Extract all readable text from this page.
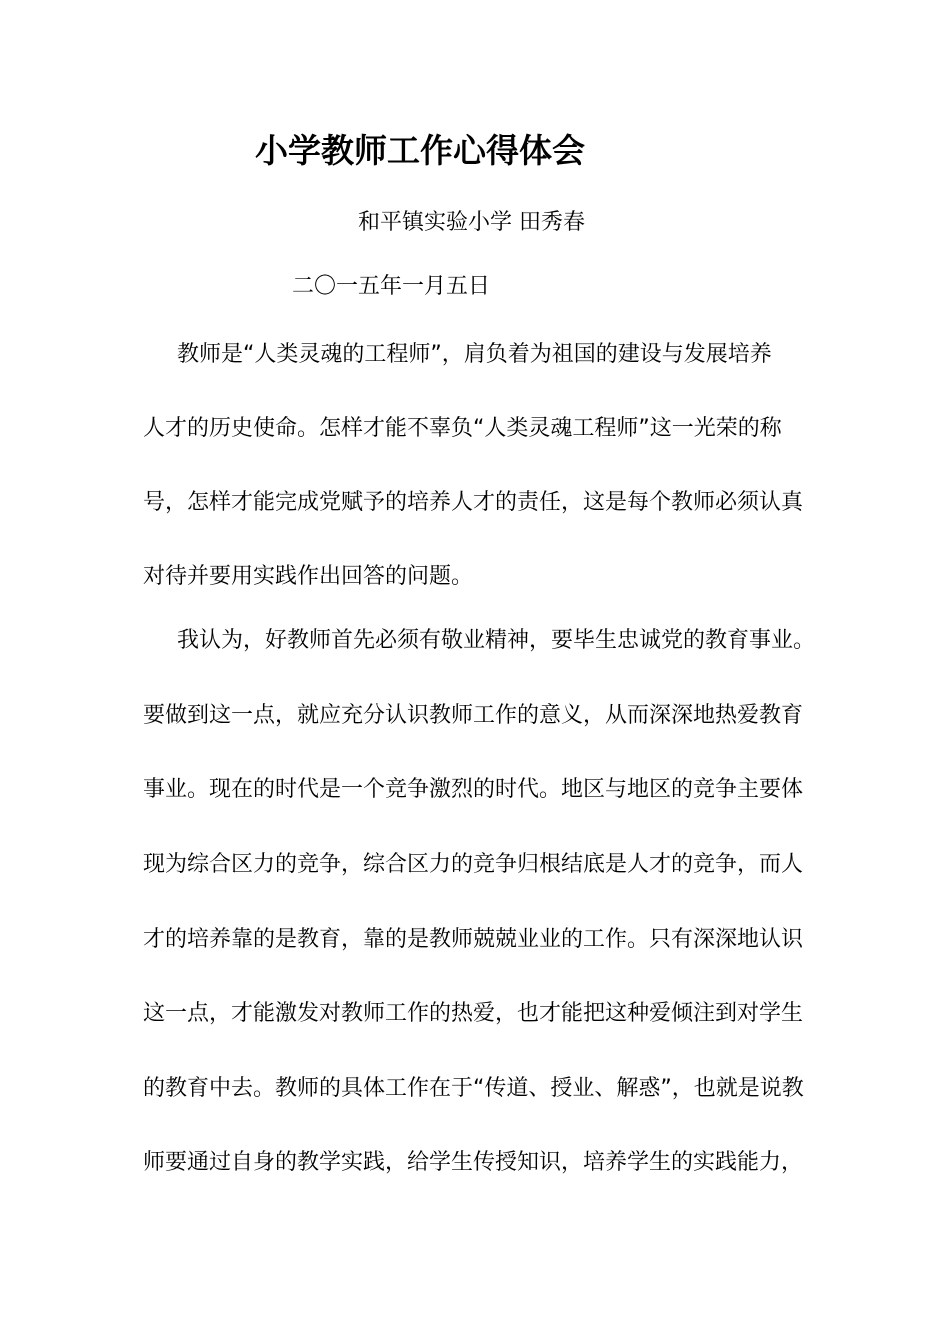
小学教师工作心得体会
和平镇实验小学 田秀春
二〇一五年一月五日
教师是“人类灵魂的工程师”，肩负着为祖国的建设与发展培养
人才的历史使命。怎样才能不辜负“人类灵魂工程师”这一光荣的称
号，怎样才能完成党赋予的培养人才的责任，这是每个教师必须认真
对待并要用实践作出回答的问题。
我认为，好教师首先必须有敬业精神，要毕生忠诚党的教育事业。
要做到这一点，就应充分认识教师工作的意义，从而深深地热爱教育
事业。现在的时代是一个竞争激烈的时代。地区与地区的竞争主要体
现为综合区力的竞争，综合区力的竞争归根结底是人才的竞争，而人
才的培养靠的是教育，靠的是教师兢兢业业的工作。只有深深地认识
这一点，才能激发对教师工作的热爱，也才能把这种爱倾注到对学生
的教育中去。教师的具体工作在于“传道、授业、解惑”，也就是说教
师要通过自身的教学实践，给学生传授知识，培养学生的实践能力，
